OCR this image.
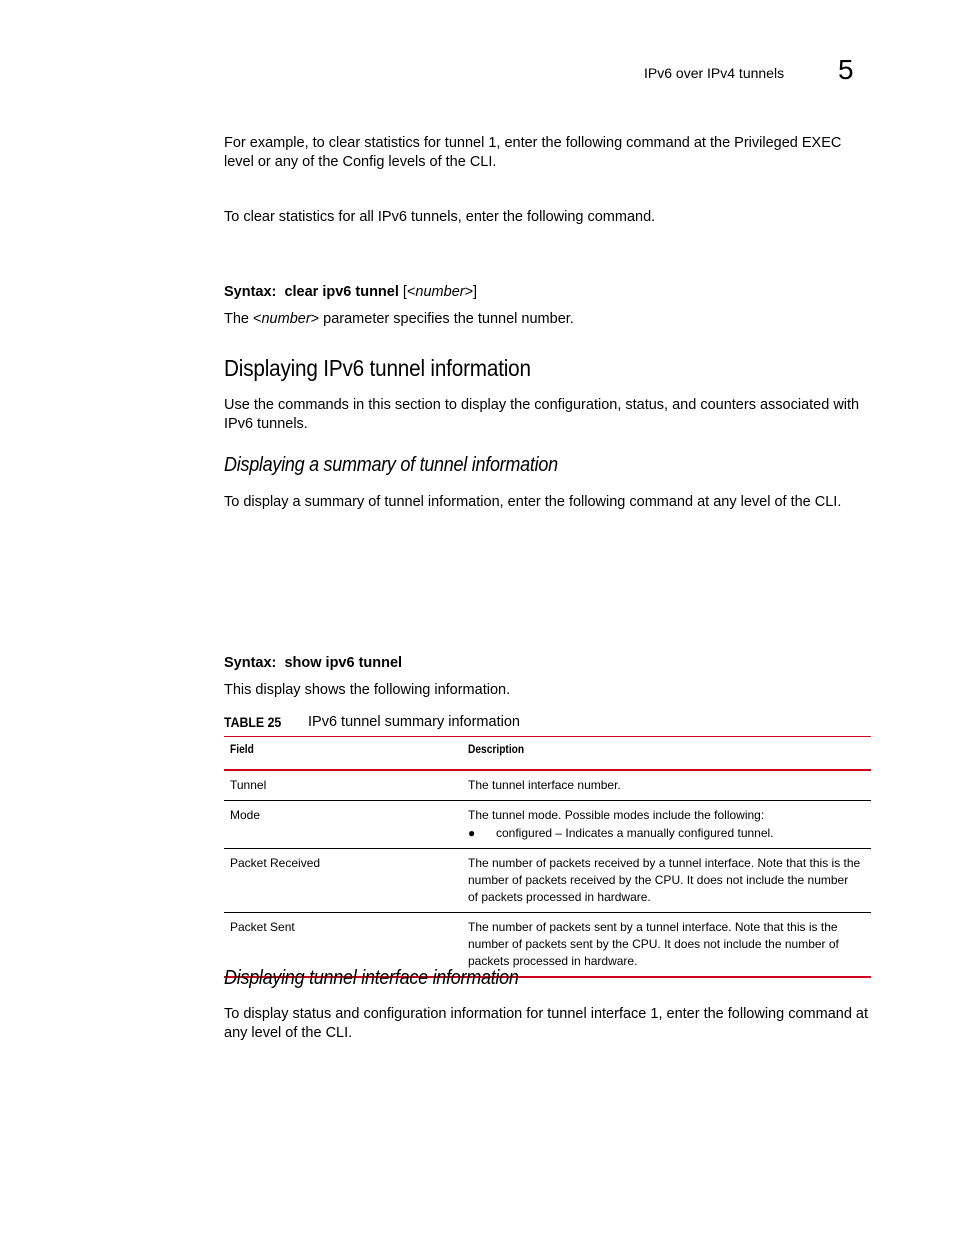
IPv6 over IPv4 tunnels 5
For example, to clear statistics for tunnel 1, enter the following command at the Privileged EXEC level or any of the Config levels of the CLI.
To clear statistics for all IPv6 tunnels, enter the following command.
Syntax: clear ipv6 tunnel [<number>]
The <number> parameter specifies the tunnel number.
Displaying IPv6 tunnel information
Use the commands in this section to display the configuration, status, and counters associated with IPv6 tunnels.
Displaying a summary of tunnel information
To display a summary of tunnel information, enter the following command at any level of the CLI.
Syntax: show ipv6 tunnel
This display shows the following information.
TABLE 25 IPv6 tunnel summary information
Field	Description
Tunnel	The tunnel interface number.
Mode	The tunnel mode. Possible modes include the following:
● configured – Indicates a manually configured tunnel.

Packet Received	The number of packets received by a tunnel interface. Note that this is the number of packets received by the CPU. It does not include the number of packets processed in hardware.
Packet Sent	The number of packets sent by a tunnel interface. Note that this is the number of packets sent by the CPU. It does not include the number of packets processed in hardware.
Displaying tunnel interface information
To display status and configuration information for tunnel interface 1, enter the following command at any level of the CLI.
